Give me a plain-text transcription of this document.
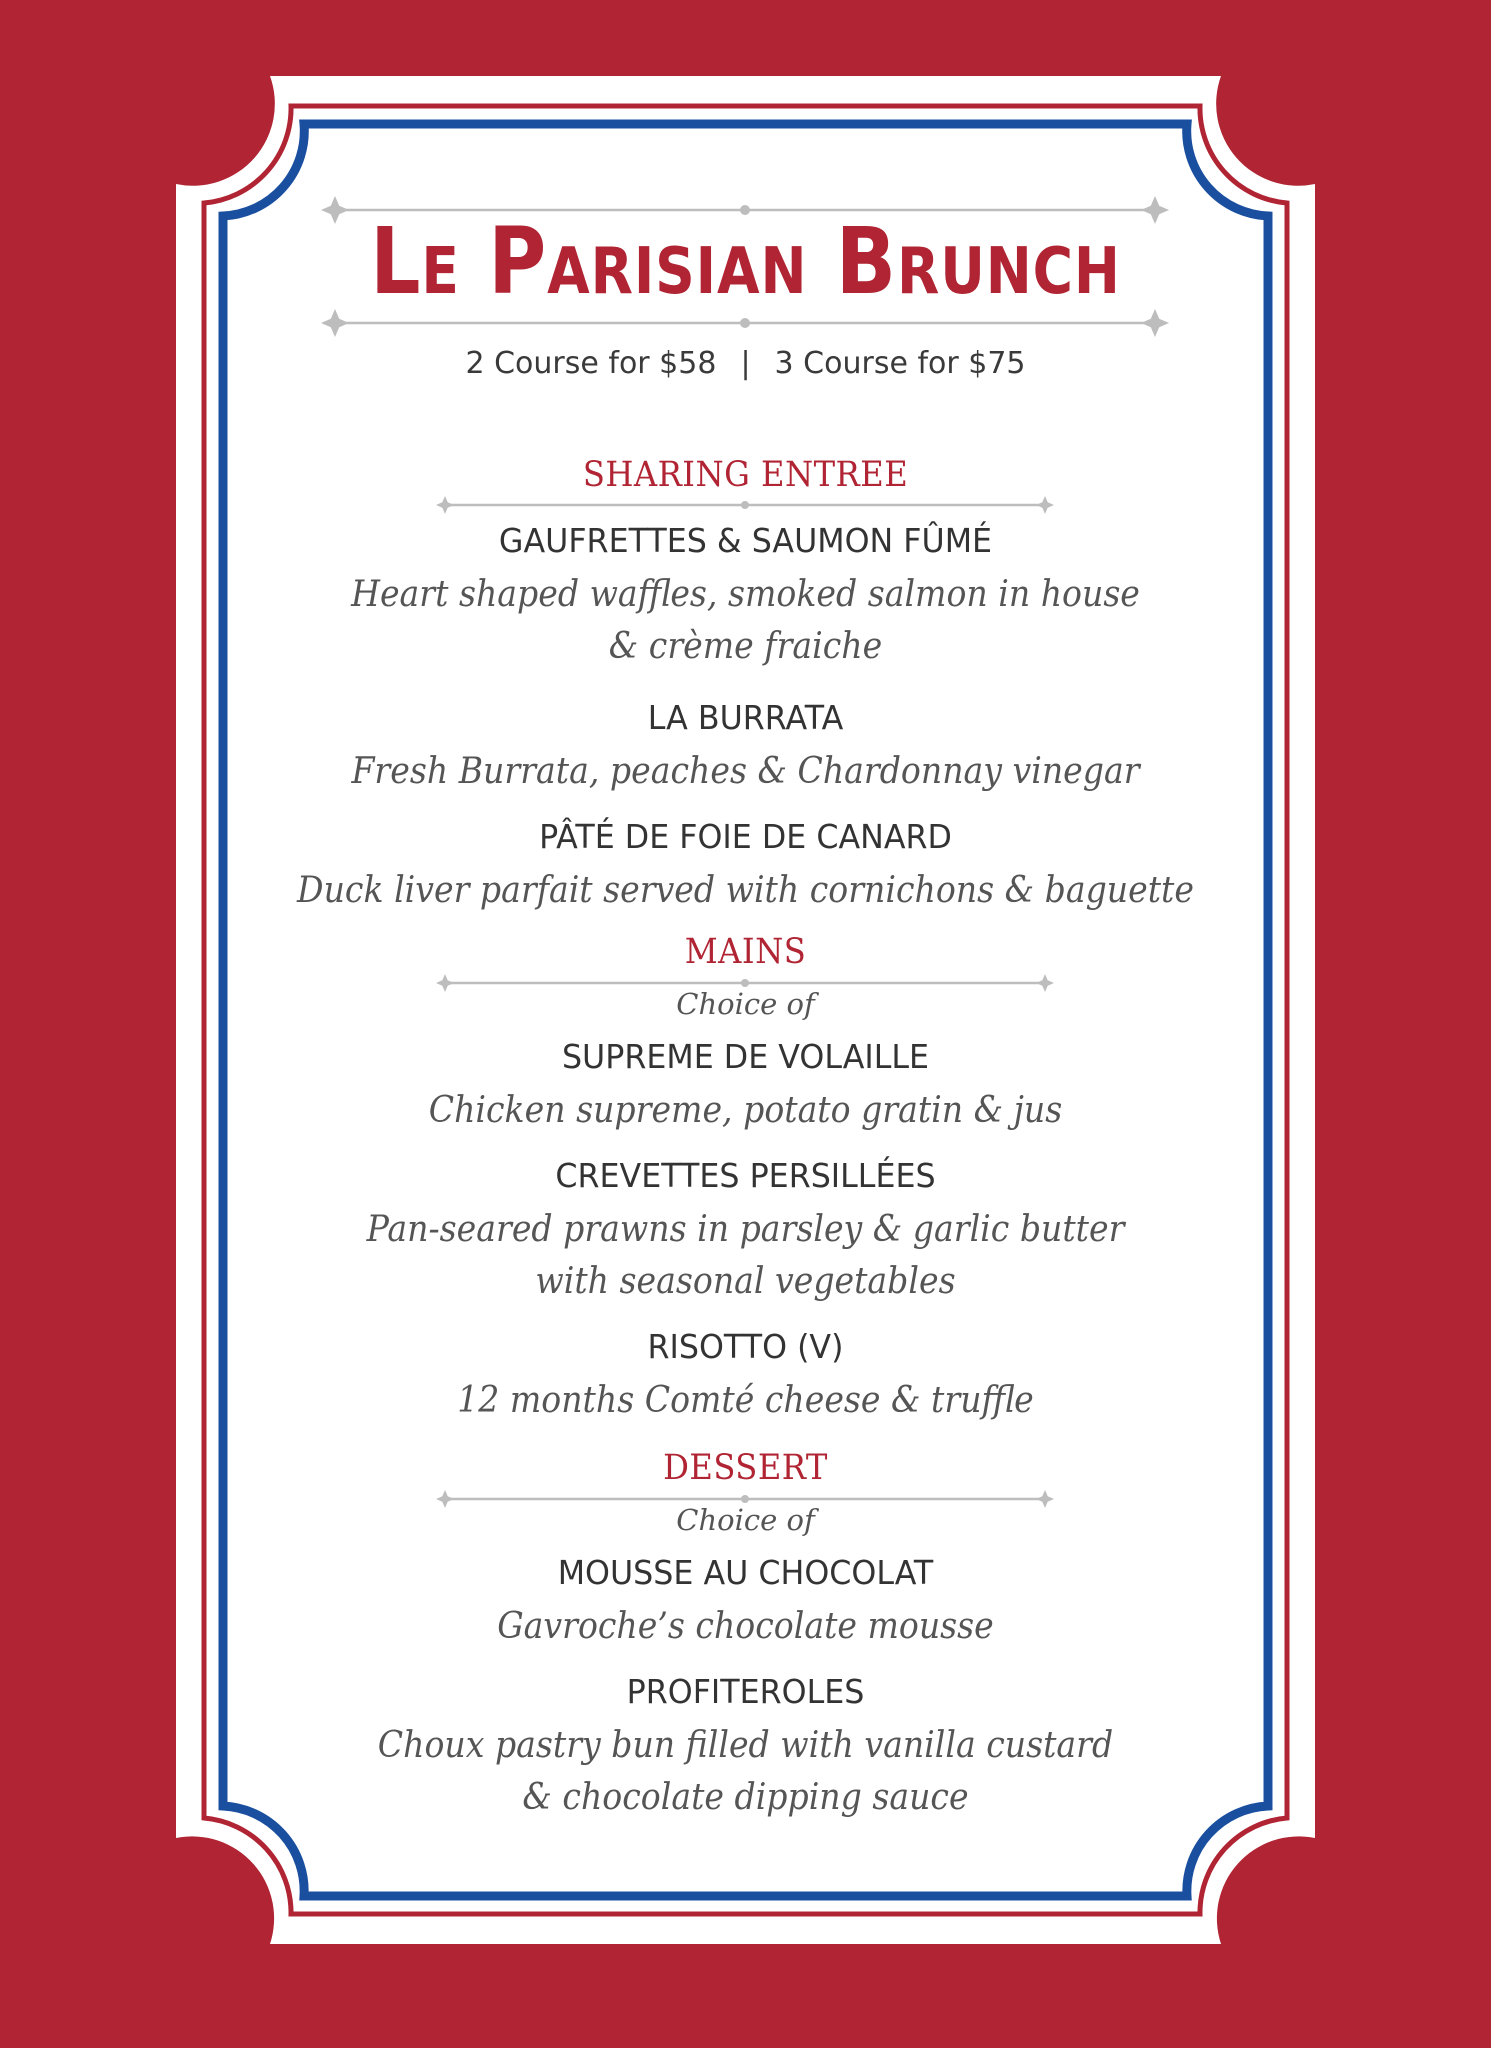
Le Parisian Brunch
2 Course for $58 | 3 Course for $75
SHARING ENTREE
GAUFRETTES & SAUMON FÛMÉ
Heart shaped waffles, smoked salmon in house
& crème fraiche
LA BURRATA
Fresh Burrata, peaches & Chardonnay vinegar
PÂTÉ DE FOIE DE CANARD
Duck liver parfait served with cornichons & baguette
MAINS
Choice of
SUPREME DE VOLAILLE
Chicken supreme, potato gratin & jus
CREVETTES PERSILLÉES
Pan-seared prawns in parsley & garlic butter
with seasonal vegetables
RISOTTO (V)
12 months Comté cheese & truffle
DESSERT
Choice of
MOUSSE AU CHOCOLAT
Gavroche’s chocolate mousse
PROFITEROLES
Choux pastry bun filled with vanilla custard
& chocolate dipping sauce
